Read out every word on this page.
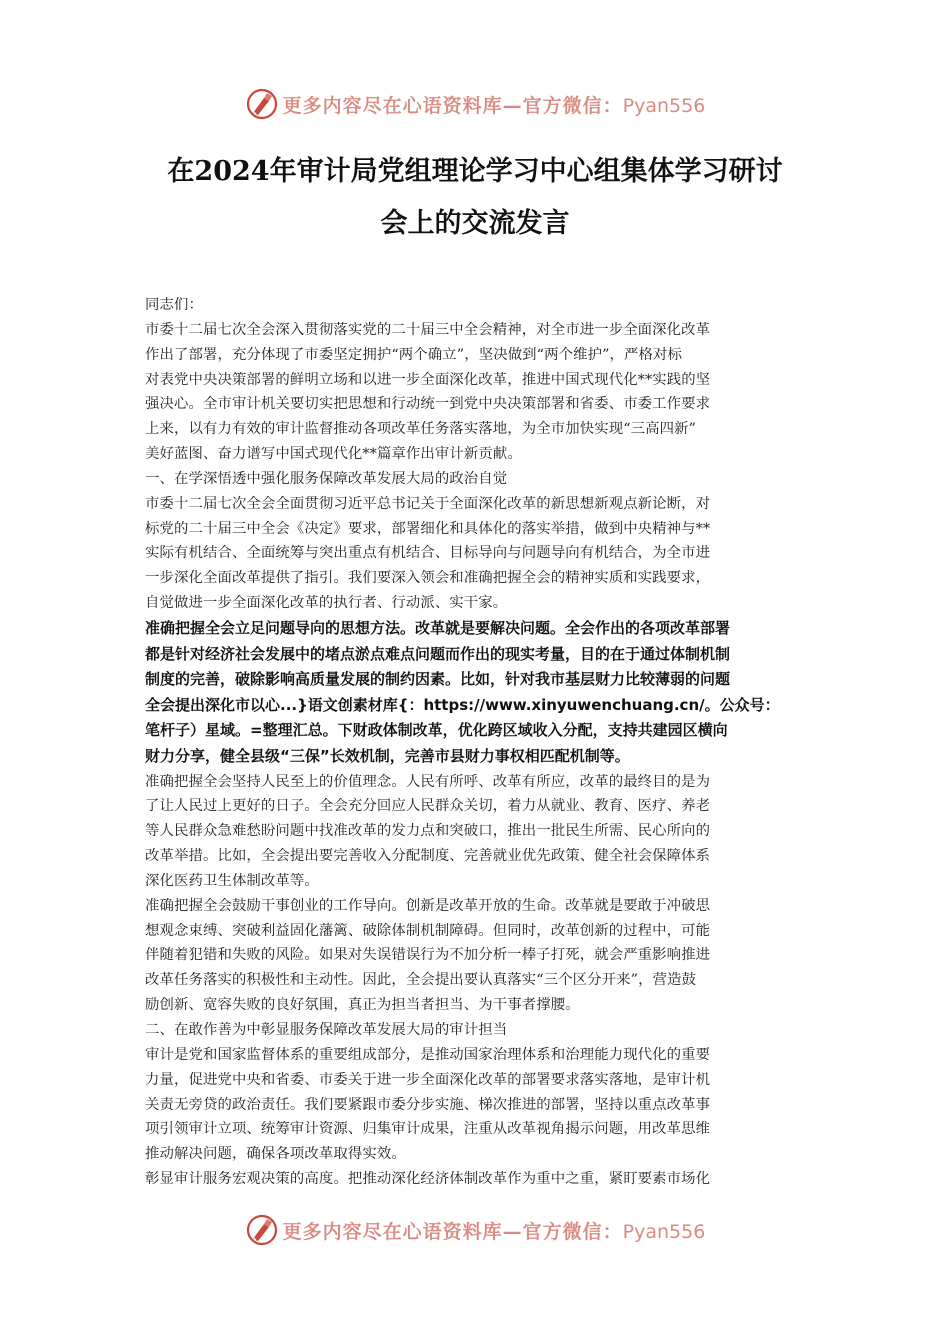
更多内容尽在心语资料库—官方微信：Pyan556
在2024年审计局党组理论学习中心组集体学习研讨
会上的交流发言
同志们：
市委十二届七次全会深入贯彻落实党的二十届三中全会精神，对全市进一步全面深化改革
作出了部署，充分体现了市委坚定拥护“两个确立”，坚决做到“两个维护”，严格对标
对表党中央决策部署的鲜明立场和以进一步全面深化改革，推进中国式现代化**实践的坚
强决心。全市审计机关要切实把思想和行动统一到党中央决策部署和省委、市委工作要求
上来，以有力有效的审计监督推动各项改革任务落实落地，为全市加快实现“三高四新”
美好蓝图、奋力谱写中国式现代化**篇章作出审计新贡献。
一、在学深悟透中强化服务保障改革发展大局的政治自觉
市委十二届七次全会全面贯彻习近平总书记关于全面深化改革的新思想新观点新论断，对
标党的二十届三中全会《决定》要求，部署细化和具体化的落实举措，做到中央精神与**
实际有机结合、全面统筹与突出重点有机结合、目标导向与问题导向有机结合，为全市进
一步深化全面改革提供了指引。我们要深入领会和准确把握全会的精神实质和实践要求，
自觉做进一步全面深化改革的执行者、行动派、实干家。
准确把握全会立足问题导向的思想方法。改革就是要解决问题。全会作出的各项改革部署
都是针对经济社会发展中的堵点淤点难点问题而作出的现实考量，目的在于通过体制机制
制度的完善，破除影响高质量发展的制约因素。比如，针对我市基层财力比较薄弱的问题
全会提出深化市以心...}语文创素材库{：https://www.xinyuwenchuang.cn/。公众号：
笔杆子）星域。=整理汇总。下财政体制改革，优化跨区域收入分配，支持共建园区横向
财力分享，健全县级“三保”长效机制，完善市县财力事权相匹配机制等。
准确把握全会坚持人民至上的价值理念。人民有所呼、改革有所应，改革的最终目的是为
了让人民过上更好的日子。全会充分回应人民群众关切，着力从就业、教育、医疗、养老
等人民群众急难愁盼问题中找准改革的发力点和突破口，推出一批民生所需、民心所向的
改革举措。比如，全会提出要完善收入分配制度、完善就业优先政策、健全社会保障体系
深化医药卫生体制改革等。
准确把握全会鼓励干事创业的工作导向。创新是改革开放的生命。改革就是要敢于冲破思
想观念束缚、突破利益固化藩篱、破除体制机制障碍。但同时，改革创新的过程中，可能
伴随着犯错和失败的风险。如果对失误错误行为不加分析一棒子打死，就会严重影响推进
改革任务落实的积极性和主动性。因此，全会提出要认真落实“三个区分开来”，营造鼓
励创新、宽容失败的良好氛围，真正为担当者担当、为干事者撑腰。
二、在敢作善为中彰显服务保障改革发展大局的审计担当
审计是党和国家监督体系的重要组成部分，是推动国家治理体系和治理能力现代化的重要
力量，促进党中央和省委、市委关于进一步全面深化改革的部署要求落实落地，是审计机
关责无旁贷的政治责任。我们要紧跟市委分步实施、梯次推进的部署，坚持以重点改革事
项引领审计立项、统筹审计资源、归集审计成果，注重从改革视角揭示问题，用改革思维
推动解决问题，确保各项改革取得实效。
彰显审计服务宏观决策的高度。把推动深化经济体制改革作为重中之重，紧盯要素市场化
更多内容尽在心语资料库—官方微信：Pyan556
